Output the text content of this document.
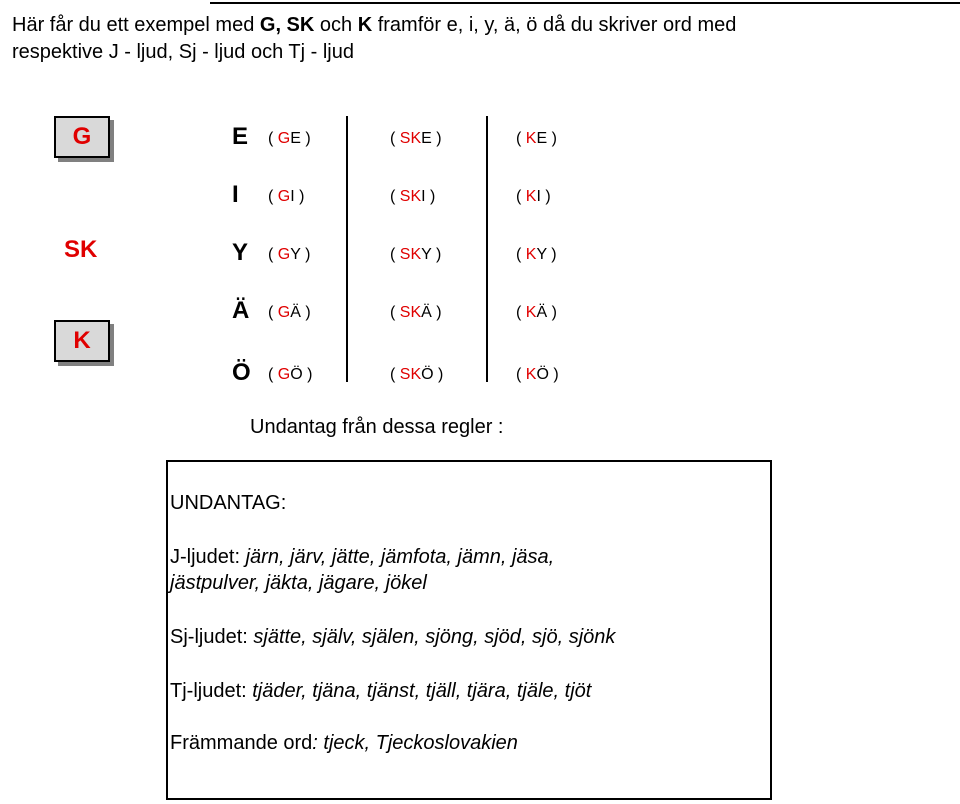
Här får du ett exempel med G, SK och K framför e, i, y, ä, ö då du skriver ord med
respektive J - ljud, Sj - ljud och Tj - ljud
G
SK
K
E	( GE )	( SKE )	( KE )
I	( GI )	( SKI )	( KI )
Y	( GY )	( SKY )	( KY )
Ä	( GÄ )	( SKÄ )	( KÄ )
Ö	( GÖ )	( SKÖ )	( KÖ )
Undantag från dessa regler :
UNDANTAG:
J-ljudet: järn, järv, jätte, jämfota, jämn, jäsa,
jästpulver, jäkta, jägare, jökel
Sj-ljudet: sjätte, själv, själen, sjöng, sjöd, sjö, sjönk
Tj-ljudet: tjäder, tjäna, tjänst, tjäll, tjära, tjäle, tjöt
Främmande ord: tjeck, Tjeckoslovakien
